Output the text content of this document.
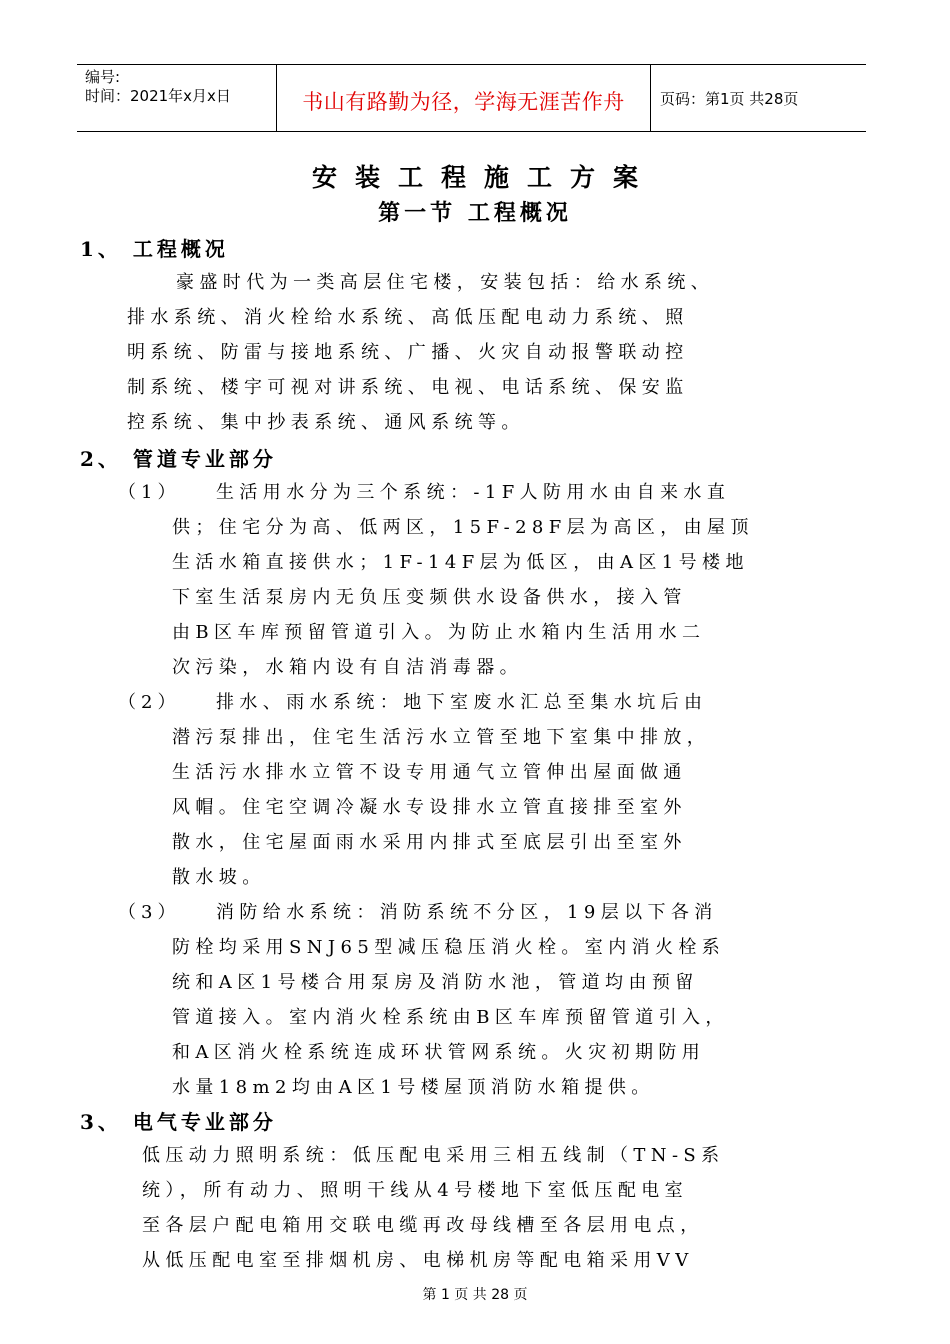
编号:
时间：2021年x月x日	书山有路勤为径，学海无涯苦作舟	页码：第1页 共28页
安装工程施工方案
第一节 工程概况
1、 工程概况
豪盛时代为一类高层住宅楼，安装包括：给水系统、
排水系统、消火栓给水系统、高低压配电动力系统、照
明系统、防雷与接地系统、广播、火灾自动报警联动控
制系统、楼宇可视对讲系统、电视、电话系统、保安监
控系统、集中抄表系统、通风系统等。
2、 管道专业部分
（1） 生活用水分为三个系统：-1F人防用水由自来水直
供；住宅分为高、低两区，15F-28F层为高区，由屋顶
生活水箱直接供水；1F-14F层为低区，由A区1号楼地
下室生活泵房内无负压变频供水设备供水，接入管
由B区车库预留管道引入。为防止水箱内生活用水二
次污染，水箱内设有自洁消毒器。
（2） 排水、雨水系统：地下室废水汇总至集水坑后由
潜污泵排出，住宅生活污水立管至地下室集中排放，
生活污水排水立管不设专用通气立管伸出屋面做通
风帽。住宅空调冷凝水专设排水立管直接排至室外
散水，住宅屋面雨水采用内排式至底层引出至室外
散水坡。
（3） 消防给水系统：消防系统不分区，19层以下各消
防栓均采用SNJ65型减压稳压消火栓。室内消火栓系
统和A区1号楼合用泵房及消防水池，管道均由预留
管道接入。室内消火栓系统由B区车库预留管道引入，
和A区消火栓系统连成环状管网系统。火灾初期防用
水量18m2均由A区1号楼屋顶消防水箱提供。
3、 电气专业部分
低压动力照明系统：低压配电采用三相五线制（TN-S系
统），所有动力、照明干线从4号楼地下室低压配电室
至各层户配电箱用交联电缆再改母线槽至各层用电点，
从低压配电室至排烟机房、电梯机房等配电箱采用VV
第 1 页 共 28 页
